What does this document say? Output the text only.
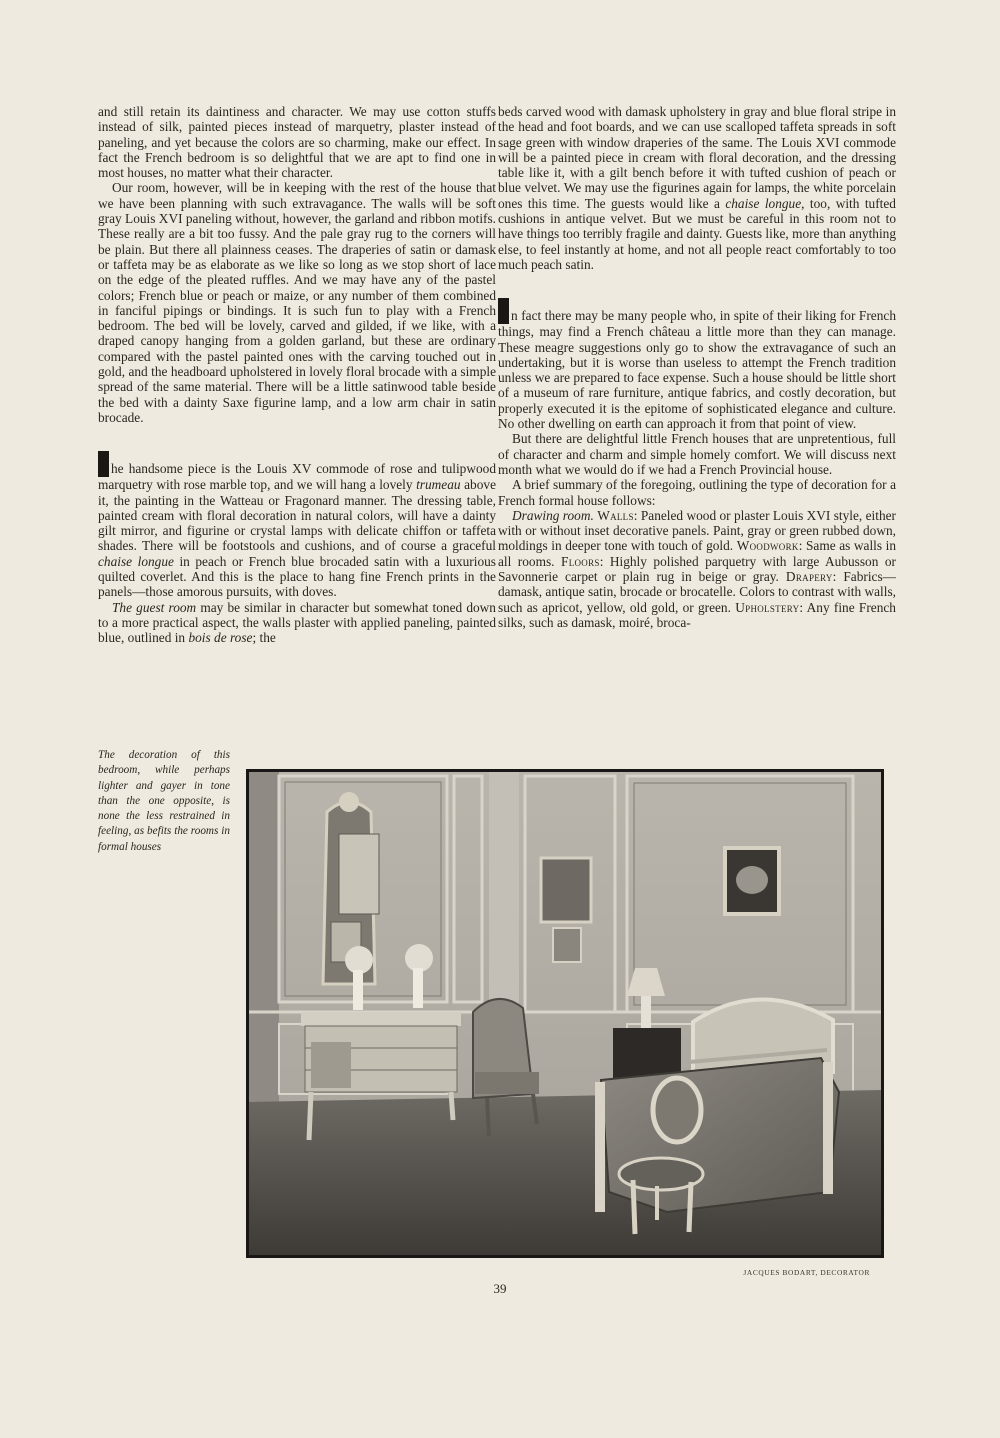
and still retain its daintiness and character. We may use cotton stuffs instead of silk, painted pieces instead of marquetry, plaster instead of paneling, and yet because the colors are so charming, make our effect. In fact the French bedroom is so delightful that we are apt to find one in most houses, no matter what their character.

Our room, however, will be in keeping with the rest of the house that we have been planning with such extravagance. The walls will be soft gray Louis XVI paneling without, however, the garland and ribbon motifs. These really are a bit too fussy. And the pale gray rug to the corners will be plain. But there all plainness ceases. The draperies of satin or damask or taffeta may be as elaborate as we like so long as we stop short of lace on the edge of the pleated ruffles. And we may have any of the pastel colors; French blue or peach or maize, or any number of them combined in fanciful pipings or bindings. It is such fun to play with a French bedroom. The bed will be lovely, carved and gilded, if we like, with a draped canopy hanging from a golden garland, but these are ordinary compared with the pastel painted ones with the carving touched out in gold, and the headboard upholstered in lovely floral brocade with a simple spread of the same material. There will be a little satinwood table beside the bed with a dainty Saxe figurine lamp, and a low arm chair in satin brocade.

he handsome piece is the Louis XV commode of rose and tulipwood marquetry with rose marble top, and we will hang a lovely trumeau above it, the painting in the Watteau or Fragonard manner. The dressing table, painted cream with floral decoration in natural colors, will have a dainty gilt mirror, and figurine or crystal lamps with delicate chiffon or taffeta shades. There will be footstools and cushions, and of course a graceful chaise longue in peach or French blue brocaded satin with a luxurious quilted coverlet. And this is the place to hang fine French prints in the panels—those amorous pursuits, with doves.

The guest room may be similar in character but somewhat toned down to a more practical aspect, the walls plaster with applied paneling, painted blue, outlined in bois de rose; the

beds carved wood with damask upholstery in gray and blue floral stripe in the head and foot boards, and we can use scalloped taffeta spreads in soft sage green with window draperies of the same. The Louis XVI commode will be a painted piece in cream with floral decoration, and the dressing table like it, with a gilt bench before it with tufted cushion of peach or blue velvet. We may use the figurines again for lamps, the white porcelain ones this time. The guests would like a chaise longue, too, with tufted cushions in antique velvet. But we must be careful in this room not to have things too terribly fragile and dainty. Guests like, more than anything else, to feel instantly at home, and not all people react comfortably to too much peach satin.

n fact there may be many people who, in spite of their liking for French things, may find a French château a little more than they can manage. These meagre suggestions only go to show the extravagance of such an undertaking, but it is worse than useless to attempt the French tradition unless we are prepared to face expense. Such a house should be little short of a museum of rare furniture, antique fabrics, and costly decoration, but properly executed it is the epitome of sophisticated elegance and culture. No other dwelling on earth can approach it from that point of view.

But there are delightful little French houses that are unpretentious, full of character and charm and simple homely comfort. We will discuss next month what we would do if we had a French Provincial house.

A brief summary of the foregoing, outlining the type of decoration for a French formal house follows:

Drawing room. Walls: Paneled wood or plaster Louis XVI style, either with or without inset decorative panels. Paint, gray or green rubbed down, moldings in deeper tone with touch of gold. Woodwork: Same as walls in all rooms. Floors: Highly polished parquetry with large Aubusson or Savonnerie carpet or plain rug in beige or gray. Drapery: Fabrics—damask, antique satin, brocade or brocatelle. Colors to contrast with walls, such as apricot, yellow, old gold, or green. Upholstery: Any fine French silks, such as damask, moiré, broca-

The decoration of this bedroom, while perhaps lighter and gayer in tone than the one opposite, is none the less restrained in feeling, as befits the rooms in formal houses
JACQUES BODART, DECORATOR
39
